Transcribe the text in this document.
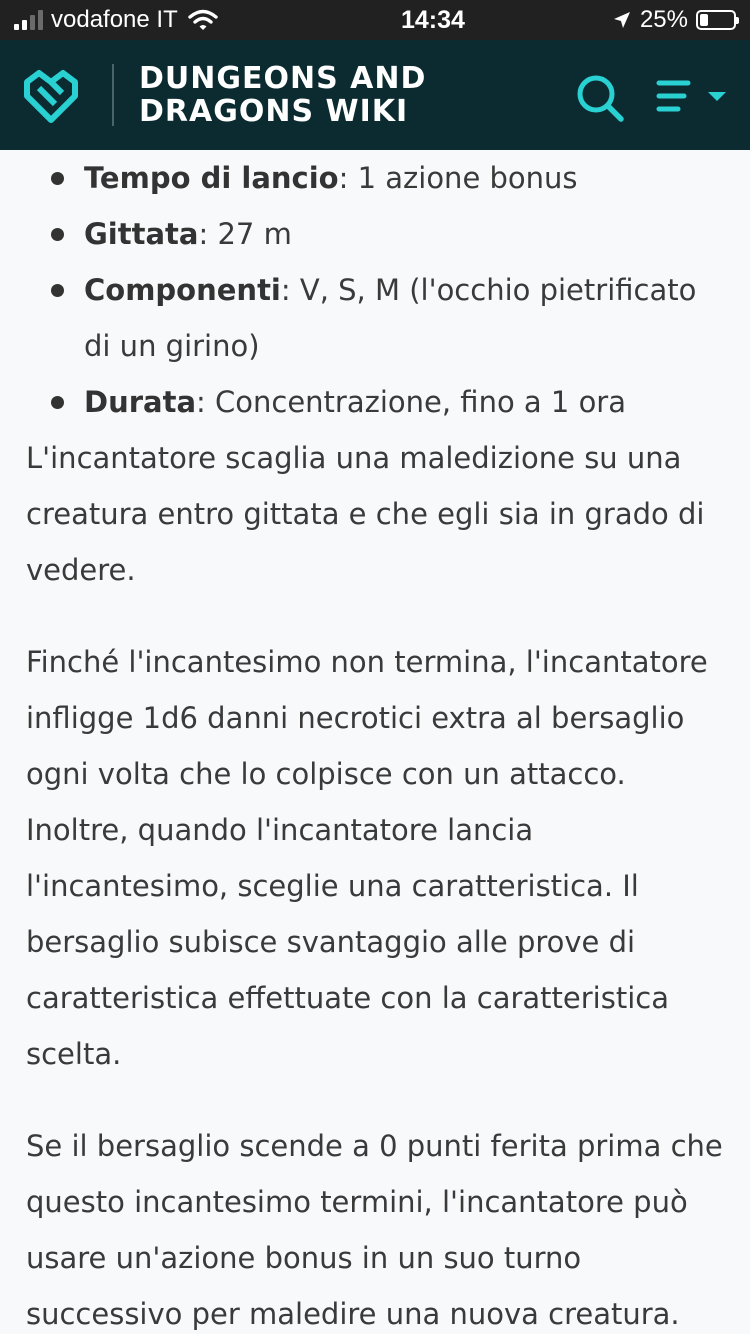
vodafone IT	14:34	25%
DUNGEONS AND
DRAGONS WIKI
Tempo di lancio: 1 azione bonus
Gittata: 27 m
Componenti: V, S, M (l'occhio pietrificato di un girino)
Durata: Concentrazione, fino a 1 ora

L'incantatore scaglia una maledizione su una creatura entro gittata e che egli sia in grado di vedere.

Finché l'incantesimo non termina, l'incantatore infligge 1d6 danni necrotici extra al bersaglio ogni volta che lo colpisce con un attacco. Inoltre, quando l'incantatore lancia l'incantesimo, sceglie una caratteristica. Il bersaglio subisce svantaggio alle prove di caratteristica effettuate con la caratteristica scelta.

Se il bersaglio scende a 0 punti ferita prima che questo incantesimo termini, l'incantatore può usare un'azione bonus in un suo turno successivo per maledire una nuova creatura.
